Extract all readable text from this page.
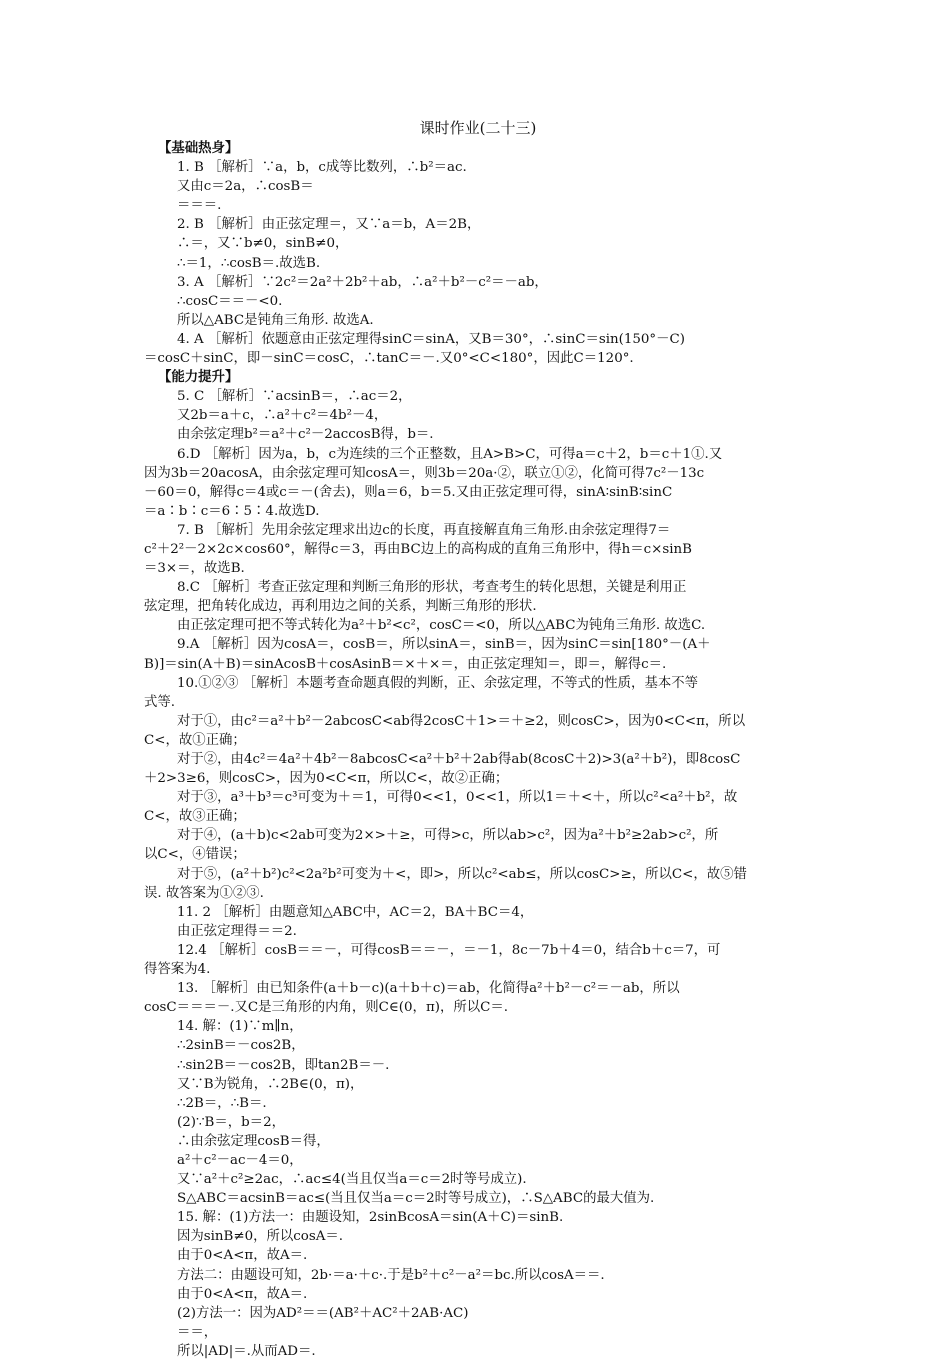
课时作业(二十三)
【基础热身】
1. B ［解析］∵a，b，c成等比数列，∴b²＝ac.
又由c＝2a，∴cosB＝
＝＝＝.
2. B ［解析］由正弦定理＝，又∵a＝b，A＝2B，
∴＝，又∵b≠0，sinB≠0，
∴＝1，∴cosB＝.故选B.
3. A ［解析］∵2c²＝2a²＋2b²＋ab，∴a²＋b²－c²＝－ab，
∴cosC＝＝－<0.
所以△ABC是钝角三角形. 故选A.
4. A ［解析］依题意由正弦定理得sinC＝sinA，又B＝30°，∴sinC＝sin(150°－C)
＝cosC＋sinC，即－sinC＝cosC，∴tanC＝－.又0°<C<180°，因此C＝120°.
【能力提升】
5. C ［解析］∵acsinB＝，∴ac＝2，
又2b＝a＋c，∴a²＋c²＝4b²－4，
由余弦定理b²＝a²＋c²－2accosB得，b＝.
6.D ［解析］因为a，b，c为连续的三个正整数，且A>B>C，可得a＝c＋2，b＝c＋1①.又
因为3b＝20acosA，由余弦定理可知cosA＝，则3b＝20a·②，联立①②，化简可得7c²－13c
－60＝0，解得c＝4或c＝－(舍去)，则a＝6，b＝5.又由正弦定理可得，sinA∶sinB∶sinC
＝a∶b∶c＝6∶5∶4.故选D.
7. B ［解析］先用余弦定理求出边c的长度，再直接解直角三角形.由余弦定理得7＝
c²＋2²－2×2c×cos60°，解得c＝3，再由BC边上的高构成的直角三角形中，得h＝c×sinB
＝3×＝，故选B.
8.C ［解析］考查正弦定理和判断三角形的形状，考查考生的转化思想，关键是利用正
弦定理，把角转化成边，再利用边之间的关系，判断三角形的形状.
由正弦定理可把不等式转化为a²＋b²<c²，cosC＝<0，所以△ABC为钝角三角形. 故选C.
9.A ［解析］因为cosA＝，cosB＝，所以sinA＝，sinB＝，因为sinC＝sin[180°－(A＋
B)]＝sin(A＋B)＝sinAcosB＋cosAsinB＝×＋×＝，由正弦定理知＝，即＝，解得c＝.
10.①②③ ［解析］本题考查命题真假的判断，正、余弦定理，不等式的性质，基本不等
式等.
对于①，由c²＝a²＋b²－2abcosC<ab得2cosC＋1>＝＋≥2，则cosC>，因为0<C<π，所以
C<，故①正确；
对于②，由4c²＝4a²＋4b²－8abcosC<a²＋b²＋2ab得ab(8cosC＋2)>3(a²＋b²)，即8cosC
＋2>3≥6，则cosC>，因为0<C<π，所以C<，故②正确；
对于③，a³＋b³＝c³可变为＋＝1，可得0<<1，0<<1，所以1＝＋<＋，所以c²<a²＋b²，故
C<，故③正确；
对于④，(a＋b)c<2ab可变为2×>＋≥，可得>c，所以ab>c²，因为a²＋b²≥2ab>c²，所
以C<，④错误；
对于⑤，(a²＋b²)c²<2a²b²可变为＋<，即>，所以c²<ab≤，所以cosC>≥，所以C<，故⑤错
误. 故答案为①②③.
11. 2 ［解析］由题意知△ABC中，AC＝2，BA＋BC＝4，
由正弦定理得＝＝2.
12.4 ［解析］cosB＝＝－，可得cosB＝＝－，＝－1，8c－7b＋4＝0，结合b＋c＝7，可
得答案为4.
13. ［解析］由已知条件(a＋b－c)(a＋b＋c)＝ab，化简得a²＋b²－c²＝－ab，所以
cosC＝＝＝－.又C是三角形的内角，则C∈(0，π)，所以C＝.
14. 解：(1)∵m∥n，
∴2sinB＝－cos2B，
∴sin2B＝－cos2B，即tan2B＝－.
又∵B为锐角，∴2B∈(0，π)，
∴2B＝，∴B＝.
(2)∵B＝，b＝2，
∴由余弦定理cosB＝得，
a²＋c²－ac－4＝0，
又∵a²＋c²≥2ac，∴ac≤4(当且仅当a＝c＝2时等号成立).
S△ABC＝acsinB＝ac≤(当且仅当a＝c＝2时等号成立)，∴S△ABC的最大值为.
15. 解：(1)方法一：由题设知，2sinBcosA＝sin(A＋C)＝sinB.
因为sinB≠0，所以cosA＝.
由于0<A<π，故A＝.
方法二：由题设可知，2b·＝a·＋c·.于是b²＋c²－a²＝bc.所以cosA＝＝.
由于0<A<π，故A＝.
(2)方法一：因为AD²＝＝(AB²＋AC²＋2AB·AC)
＝＝，
所以|AD|＝.从而AD＝.
